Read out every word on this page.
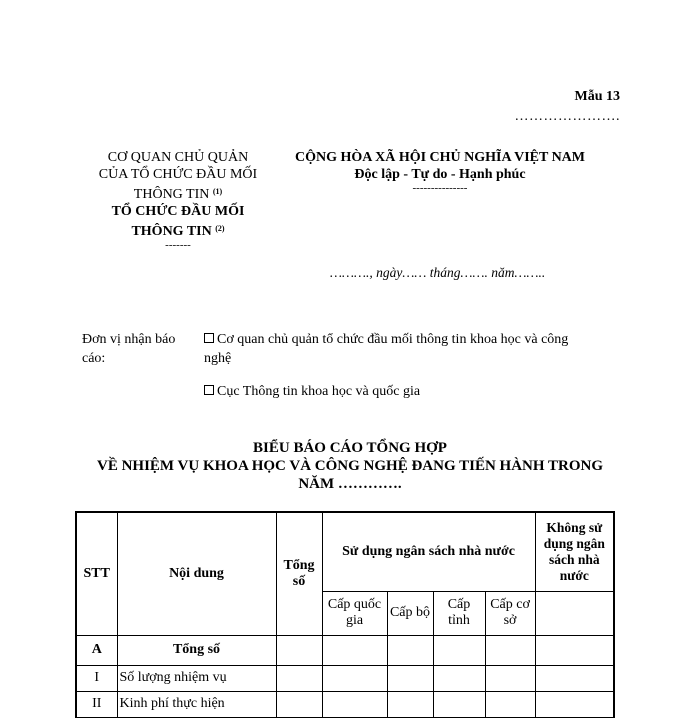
Mẫu 13
………………….
CƠ QUAN CHỦ QUẢN
CỦA TỔ CHỨC ĐẦU MỐI
THÔNG TIN $^{(1)}$
TỔ CHỨC ĐẦU MỐI
THÔNG TIN $^{(2)}$
-------
CỘNG HÒA XÃ HỘI CHỦ NGHĨA VIỆT NAM
Độc lập - Tự do - Hạnh phúc
---------------
………., ngày…… tháng……. năm……..
Đơn vị nhận báo cáo:
Cơ quan chủ quản tổ chức đầu mối thông tin khoa học và công nghệ
Cục Thông tin khoa học và quốc gia
BIỂU BÁO CÁO TỔNG HỢP
VỀ NHIỆM VỤ KHOA HỌC VÀ CÔNG NGHỆ ĐANG TIẾN HÀNH TRONG
NĂM ………….
STT	Nội dung	Tổng số	Sử dụng ngân sách nhà nước				Không sử dụng ngân sách nhà nước
			Cấp quốc gia	Cấp bộ	Cấp tỉnh	Cấp cơ sở	
A	Tổng số						
I	Số lượng nhiệm vụ						
II	Kinh phí thực hiện						
